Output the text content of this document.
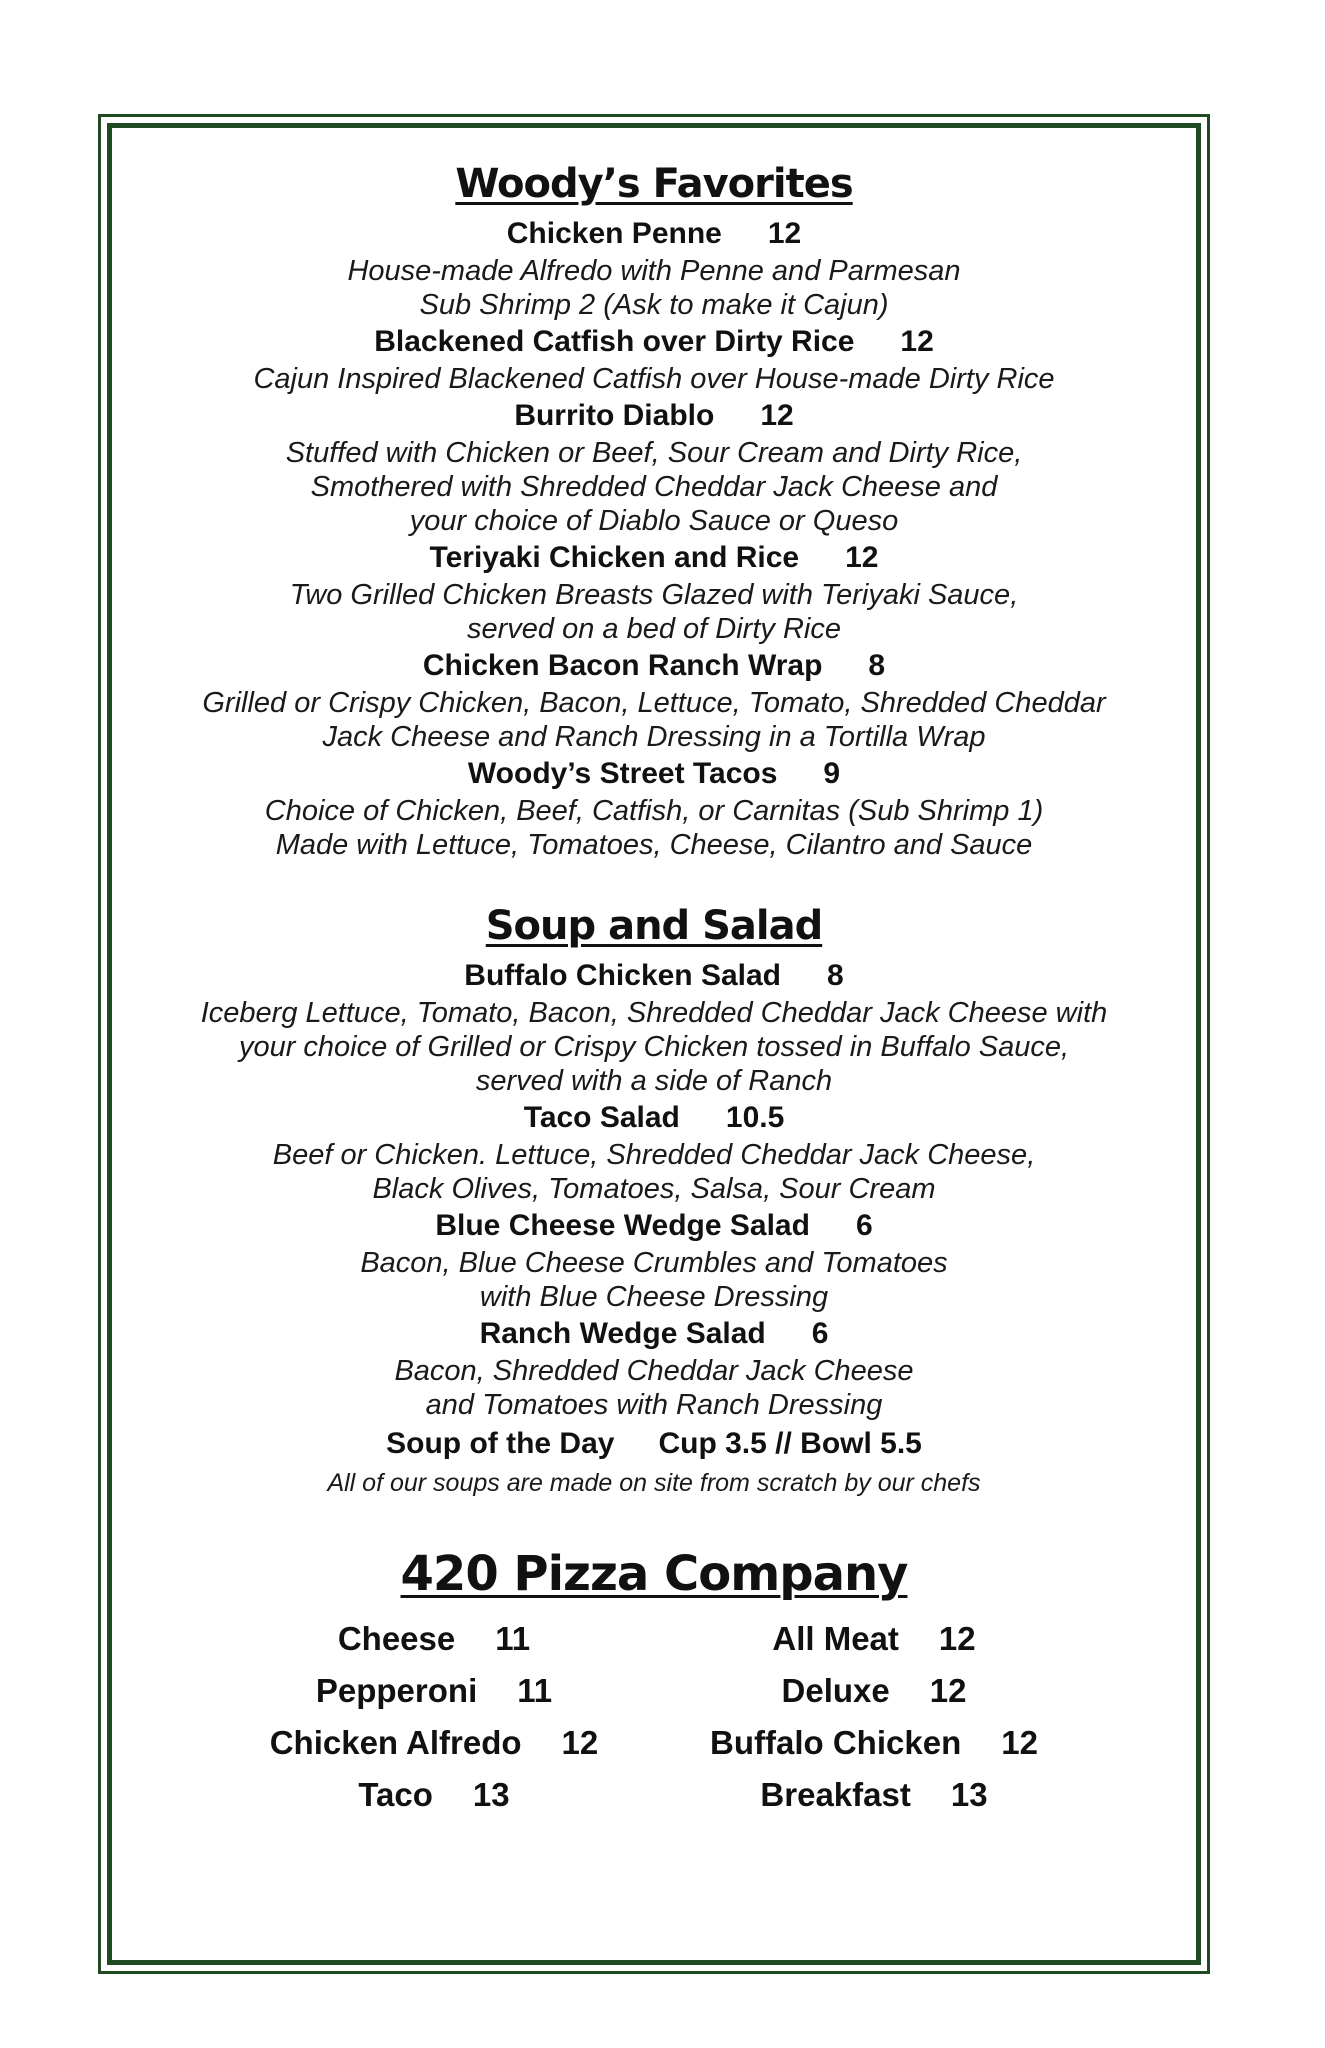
Woody’s Favorites

Chicken Penne 12

House-made Alfredo with Penne and Parmesan

Sub Shrimp 2 (Ask to make it Cajun)

Blackened Catfish over Dirty Rice 12

Cajun Inspired Blackened Catfish over House-made Dirty Rice

Burrito Diablo 12

Stuffed with Chicken or Beef, Sour Cream and Dirty Rice,

Smothered with Shredded Cheddar Jack Cheese and

your choice of Diablo Sauce or Queso

Teriyaki Chicken and Rice 12

Two Grilled Chicken Breasts Glazed with Teriyaki Sauce,

served on a bed of Dirty Rice

Chicken Bacon Ranch Wrap 8

Grilled or Crispy Chicken, Bacon, Lettuce, Tomato, Shredded Cheddar

Jack Cheese and Ranch Dressing in a Tortilla Wrap

Woody’s Street Tacos 9

Choice of Chicken, Beef, Catfish, or Carnitas (Sub Shrimp 1)

Made with Lettuce, Tomatoes, Cheese, Cilantro and Sauce

Soup and Salad

Buffalo Chicken Salad 8

Iceberg Lettuce, Tomato, Bacon, Shredded Cheddar Jack Cheese with

your choice of Grilled or Crispy Chicken tossed in Buffalo Sauce,

served with a side of Ranch

Taco Salad 10.5

Beef or Chicken. Lettuce, Shredded Cheddar Jack Cheese,

Black Olives, Tomatoes, Salsa, Sour Cream

Blue Cheese Wedge Salad 6

Bacon, Blue Cheese Crumbles and Tomatoes

with Blue Cheese Dressing

Ranch Wedge Salad 6

Bacon, Shredded Cheddar Jack Cheese

and Tomatoes with Ranch Dressing

Soup of the Day Cup 3.5 // Bowl 5.5

All of our soups are made on site from scratch by our chefs

420 Pizza Company
Cheese 11	All Meat 12
Pepperoni 11	Deluxe 12
Chicken Alfredo 12	Buffalo Chicken 12
Taco 13	Breakfast 13
